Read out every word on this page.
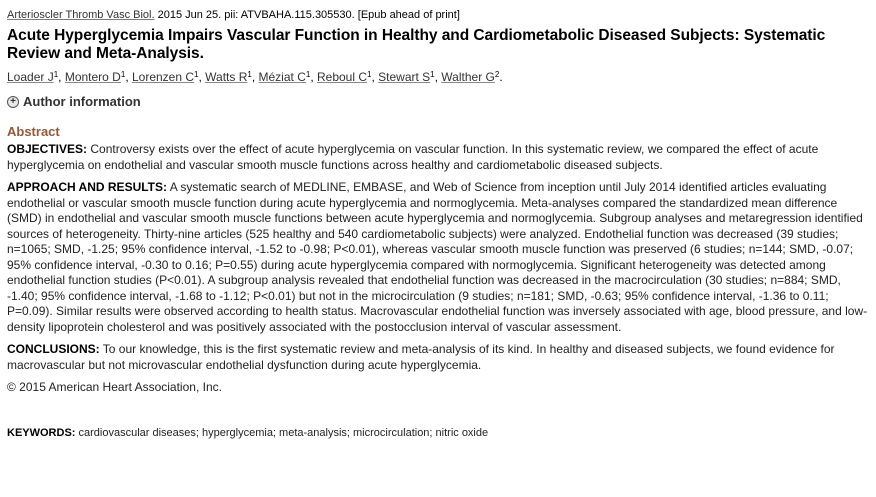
Arterioscler Thromb Vasc Biol. 2015 Jun 25. pii: ATVBAHA.115.305530. [Epub ahead of print]
Acute Hyperglycemia Impairs Vascular Function in Healthy and Cardiometabolic Diseased Subjects: Systematic Review and Meta-Analysis.
Loader $J^1$, Montero $D^1$, Lorenzen $C^1$, Watts $R^1$, Méziat $C^1$, Reboul $C^1$, Stewart $S^1$, Walther $G^2$.
+ Author information
Abstract

OBJECTIVES: Controversy exists over the effect of acute hyperglycemia on vascular function. In this systematic review, we compared the effect of acute hyperglycemia on endothelial and vascular smooth muscle functions across healthy and cardiometabolic diseased subjects.

APPROACH AND RESULTS: A systematic search of MEDLINE, EMBASE, and Web of Science from inception until July 2014 identified articles evaluating endothelial or vascular smooth muscle function during acute hyperglycemia and normoglycemia. Meta-analyses compared the standardized mean difference (SMD) in endothelial and vascular smooth muscle functions between acute hyperglycemia and normoglycemia. Subgroup analyses and metaregression identified sources of heterogeneity. Thirty-nine articles (525 healthy and 540 cardiometabolic subjects) were analyzed. Endothelial function was decreased (39 studies; n=1065; SMD, -1.25; 95% confidence interval, -1.52 to -0.98; P<0.01), whereas vascular smooth muscle function was preserved (6 studies; n=144; SMD, -0.07; 95% confidence interval, -0.30 to 0.16; P=0.55) during acute hyperglycemia compared with normoglycemia. Significant heterogeneity was detected among endothelial function studies (P<0.01). A subgroup analysis revealed that endothelial function was decreased in the macrocirculation (30 studies; n=884; SMD, -1.40; 95% confidence interval, -1.68 to -1.12; P<0.01) but not in the microcirculation (9 studies; n=181; SMD, -0.63; 95% confidence interval, -1.36 to 0.11; P=0.09). Similar results were observed according to health status. Macrovascular endothelial function was inversely associated with age, blood pressure, and low-density lipoprotein cholesterol and was positively associated with the postocclusion interval of vascular assessment.

CONCLUSIONS: To our knowledge, this is the first systematic review and meta-analysis of its kind. In healthy and diseased subjects, we found evidence for macrovascular but not microvascular endothelial dysfunction during acute hyperglycemia.

© 2015 American Heart Association, Inc.
KEYWORDS: cardiovascular diseases; hyperglycemia; meta-analysis; microcirculation; nitric oxide
